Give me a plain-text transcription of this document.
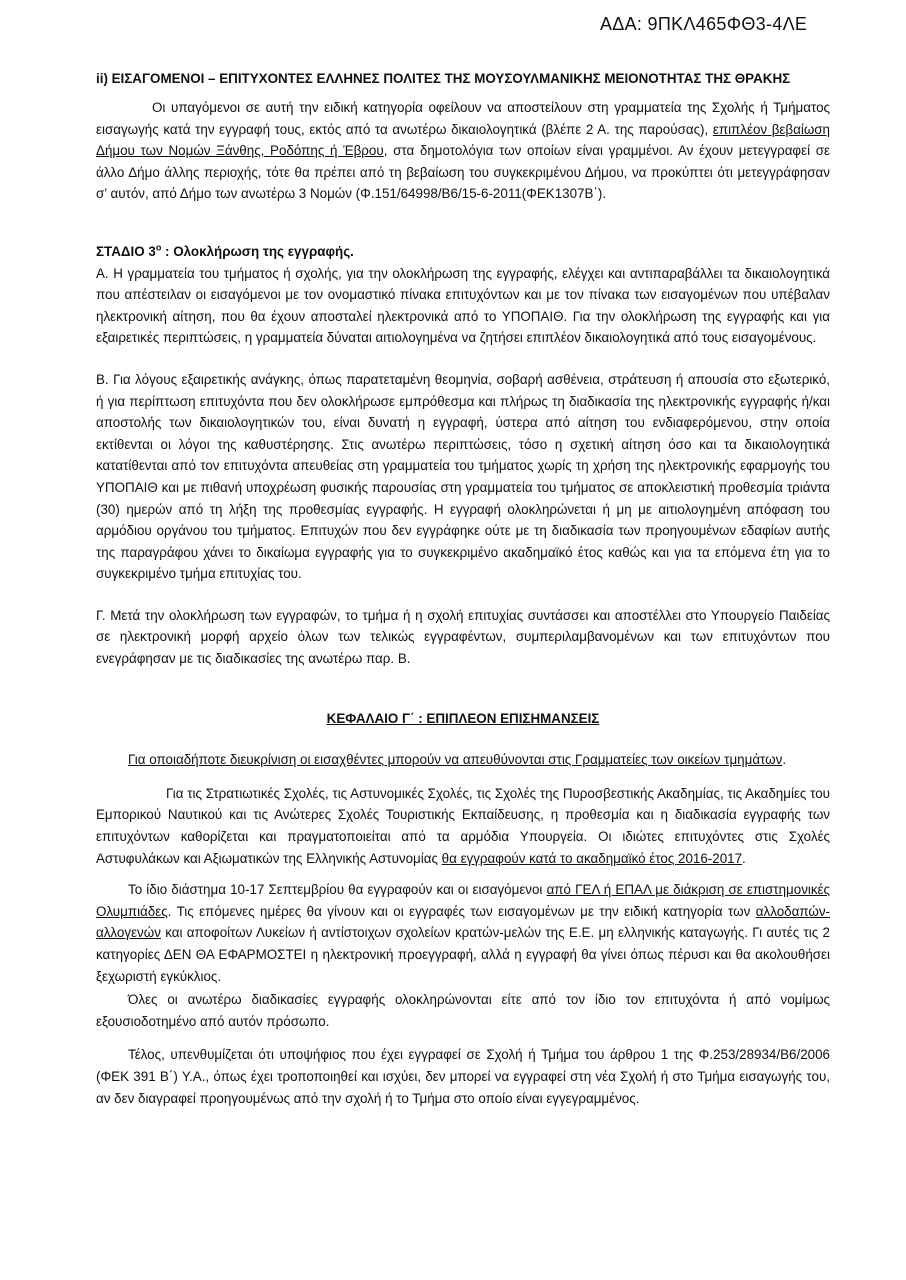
ΑΔΑ: 9ΠΚΛ465ΦΘ3-4ΛΕ

ii) ΕΙΣΑΓΟΜΕΝΟΙ – ΕΠΙΤΥΧΟΝΤΕΣ ΕΛΛΗΝΕΣ ΠΟΛΙΤΕΣ ΤΗΣ ΜΟΥΣΟΥΛΜΑΝΙΚΗΣ ΜΕΙΟΝΟΤΗΤΑΣ ΤΗΣ ΘΡΑΚΗΣ

Οι υπαγόμενοι σε αυτή την ειδική κατηγορία οφείλουν να αποστείλουν στη γραμματεία της Σχολής ή Τμήματος εισαγωγής κατά την εγγραφή τους, εκτός από τα ανωτέρω δικαιολογητικά (βλέπε 2 Α. της παρούσας), επιπλέον βεβαίωση Δήμου των Νομών Ξάνθης, Ροδόπης ή Έβρου, στα δημοτολόγια των οποίων είναι γραμμένοι. Αν έχουν μετεγγραφεί σε άλλο Δήμο άλλης περιοχής, τότε θα πρέπει από τη βεβαίωση του συγκεκριμένου Δήμου, να προκύπτει ότι μετεγγράφησαν σ’ αυτόν, από Δήμο των ανωτέρω 3 Νομών (Φ.151/64998/Β6/15-6-2011(ΦΕΚ1307Β΄).

ΣΤΑΔΙΟ $3^o$ : Ολοκλήρωση της εγγραφής.

Α. Η γραμματεία του τμήματος ή σχολής, για την ολοκλήρωση της εγγραφής, ελέγχει και αντιπαραβάλλει τα δικαιολογητικά που απέστειλαν οι εισαγόμενοι με τον ονομαστικό πίνακα επιτυχόντων και με τον πίνακα των εισαγομένων που υπέβαλαν ηλεκτρονική αίτηση, που θα έχουν αποσταλεί ηλεκτρονικά από το ΥΠΟΠΑΙΘ. Για την ολοκλήρωση της εγγραφής και για εξαιρετικές περιπτώσεις, η γραμματεία δύναται αιτιολογημένα να ζητήσει επιπλέον δικαιολογητικά από τους εισαγομένους.

Β. Για λόγους εξαιρετικής ανάγκης, όπως παρατεταμένη θεομηνία, σοβαρή ασθένεια, στράτευση ή απουσία στο εξωτερικό, ή για περίπτωση επιτυχόντα που δεν ολοκλήρωσε εμπρόθεσμα και πλήρως τη διαδικασία της ηλεκτρονικής εγγραφής ή/και αποστολής των δικαιολογητικών του, είναι δυνατή η εγγραφή, ύστερα από αίτηση του ενδιαφερόμενου, στην οποία εκτίθενται οι λόγοι της καθυστέρησης. Στις ανωτέρω περιπτώσεις, τόσο η σχετική αίτηση όσο και τα δικαιολογητικά κατατίθενται από τον επιτυχόντα απευθείας στη γραμματεία του τμήματος χωρίς τη χρήση της ηλεκτρονικής εφαρμογής του ΥΠΟΠΑΙΘ και με πιθανή υποχρέωση φυσικής παρουσίας στη γραμματεία του τμήματος σε αποκλειστική προθεσμία τριάντα (30) ημερών από τη λήξη της προθεσμίας εγγραφής. Η εγγραφή ολοκληρώνεται ή μη με αιτιολογημένη απόφαση του αρμόδιου οργάνου του τμήματος. Επιτυχών που δεν εγγράφηκε ούτε με τη διαδικασία των προηγουμένων εδαφίων αυτής της παραγράφου χάνει το δικαίωμα εγγραφής για το συγκεκριμένο ακαδημαϊκό έτος καθώς και για τα επόμενα έτη για το συγκεκριμένο τμήμα επιτυχίας του.

Γ. Μετά την ολοκλήρωση των εγγραφών, το τμήμα ή η σχολή επιτυχίας συντάσσει και αποστέλλει στο Υπουργείο Παιδείας σε ηλεκτρονική μορφή αρχείο όλων των τελικώς εγγραφέντων, συμπεριλαμβανομένων και των επιτυχόντων που ενεγράφησαν με τις διαδικασίες της ανωτέρω παρ. Β.

ΚΕΦΑΛΑΙΟ Γ΄ : ΕΠΙΠΛΕΟΝ ΕΠΙΣΗΜΑΝΣΕΙΣ

Για οποιαδήποτε διευκρίνιση οι εισαχθέντες μπορούν να απευθύνονται στις Γραμματείες των οικείων τμημάτων.

Για τις Στρατιωτικές Σχολές, τις Αστυνομικές Σχολές, τις Σχολές της Πυροσβεστικής Ακαδημίας, τις Ακαδημίες του Εμπορικού Ναυτικού και τις Ανώτερες Σχολές Τουριστικής Εκπαίδευσης, η προθεσμία και η διαδικασία εγγραφής των επιτυχόντων καθορίζεται και πραγματοποιείται από τα αρμόδια Υπουργεία. Οι ιδιώτες επιτυχόντες στις Σχολές Αστυφυλάκων και Αξιωματικών της Ελληνικής Αστυνομίας θα εγγραφούν κατά το ακαδημαϊκό έτος 2016-2017.

Το ίδιο διάστημα 10-17 Σεπτεμβρίου θα εγγραφούν και οι εισαγόμενοι από ΓΕΛ ή ΕΠΑΛ με διάκριση σε επιστημονικές Ολυμπιάδες. Τις επόμενες ημέρες θα γίνουν και οι εγγραφές των εισαγομένων με την ειδική κατηγορία των αλλοδαπών-αλλογενών και αποφοίτων Λυκείων ή αντίστοιχων σχολείων κρατών-μελών της Ε.Ε. μη ελληνικής καταγωγής. Γι αυτές τις 2 κατηγορίες ΔΕΝ ΘΑ ΕΦΑΡΜΟΣΤΕΙ η ηλεκτρονική προεγγραφή, αλλά η εγγραφή θα γίνει όπως πέρυσι και θα ακολουθήσει ξεχωριστή εγκύκλιος.

Όλες οι ανωτέρω διαδικασίες εγγραφής ολοκληρώνονται είτε από τον ίδιο τον επιτυχόντα ή από νομίμως εξουσιοδοτημένο από αυτόν πρόσωπο.

Τέλος, υπενθυμίζεται ότι υποψήφιος που έχει εγγραφεί σε Σχολή ή Τμήμα του άρθρου 1 της Φ.253/28934/Β6/2006 (ΦΕΚ 391 Β΄) Υ.Α., όπως έχει τροποποιηθεί και ισχύει, δεν μπορεί να εγγραφεί στη νέα Σχολή ή στο Τμήμα εισαγωγής του, αν δεν διαγραφεί προηγουμένως από την σχολή ή το Τμήμα στο οποίο είναι εγγεγραμμένος.
